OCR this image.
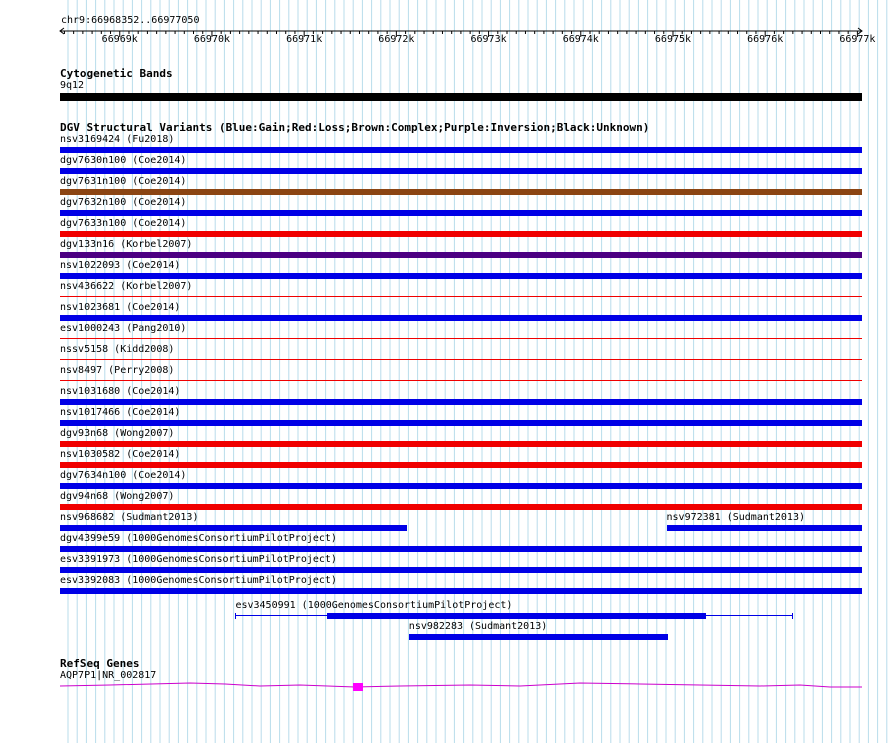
chr9:66968352..66977050
66969k	66970k	66971k	66972k	66973k	66974k	66975k	66976k	66977k
Cytogenetic Bands
9q12
DGV Structural Variants (Blue:Gain;Red:Loss;Brown:Complex;Purple:Inversion;Black:Unknown)
nsv3169424 (Fu2018)
dgv7630n100 (Coe2014)
dgv7631n100 (Coe2014)
dgv7632n100 (Coe2014)
dgv7633n100 (Coe2014)
dgv133n16 (Korbel2007)
nsv1022093 (Coe2014)
nsv436622 (Korbel2007)
nsv1023681 (Coe2014)
esv1000243 (Pang2010)
nssv5158 (Kidd2008)
nsv8497 (Perry2008)
nsv1031680 (Coe2014)
nsv1017466 (Coe2014)
dgv93n68 (Wong2007)
nsv1030582 (Coe2014)
dgv7634n100 (Coe2014)
dgv94n68 (Wong2007)
nsv968682 (Sudmant2013)	nsv972381 (Sudmant2013)
dgv4399e59 (1000GenomesConsortiumPilotProject)
esv3391973 (1000GenomesConsortiumPilotProject)
esv3392083 (1000GenomesConsortiumPilotProject)
esv3450991 (1000GenomesConsortiumPilotProject)
nsv982283 (Sudmant2013)
RefSeq Genes
AQP7P1|NR_002817
